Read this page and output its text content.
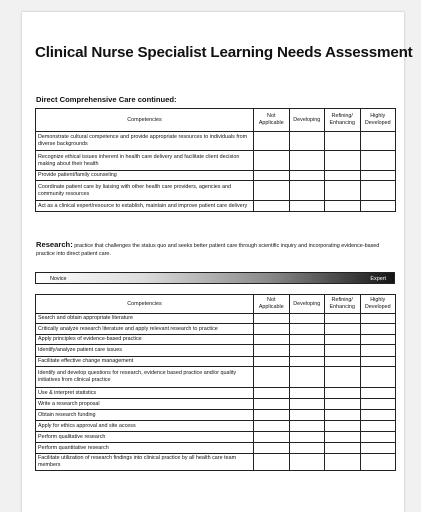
Clinical Nurse Specialist Learning Needs Assessment
Direct Comprehensive Care continued:
Competencies	Not Applicable	Developing	Refining/ Enhancing	Highly Developed
Demonstrate cultural competence and provide appropriate resources to individuals from diverse backgrounds				
Recognize ethical issues inherent in health care delivery and facilitate client decision making about their health				
Provide patient/family counseling				
Coordinate patient care by liaising with other health care providers, agencies and community resources				
Act as a clinical expert/resource to establish, maintain and improve patient care delivery				
Research: practice that challenges the status quo and seeks better patient care through scientific inquiry and incorporating evidence-based practice into direct patient care.
Novice	Expert
Competencies	Not Applicable	Developing	Refining/ Enhancing	Highly Developed
Search and obtain appropriate literature				
Critically analyze research literature and apply relevant research to practice				
Apply principles of evidence-based practice				
Identify/analyze patient care issues				
Facilitate effective change management				
Identify and develop questions for research, evidence based practice and/or quality initiatives from clinical practice				
Use & interpret statistics				
Write a research proposal				
Obtain research funding				
Apply for ethics approval and site access				
Perform qualitative research				
Perform quantitative research				
Facilitate utilization of research findings into clinical practice by all health care team members				
